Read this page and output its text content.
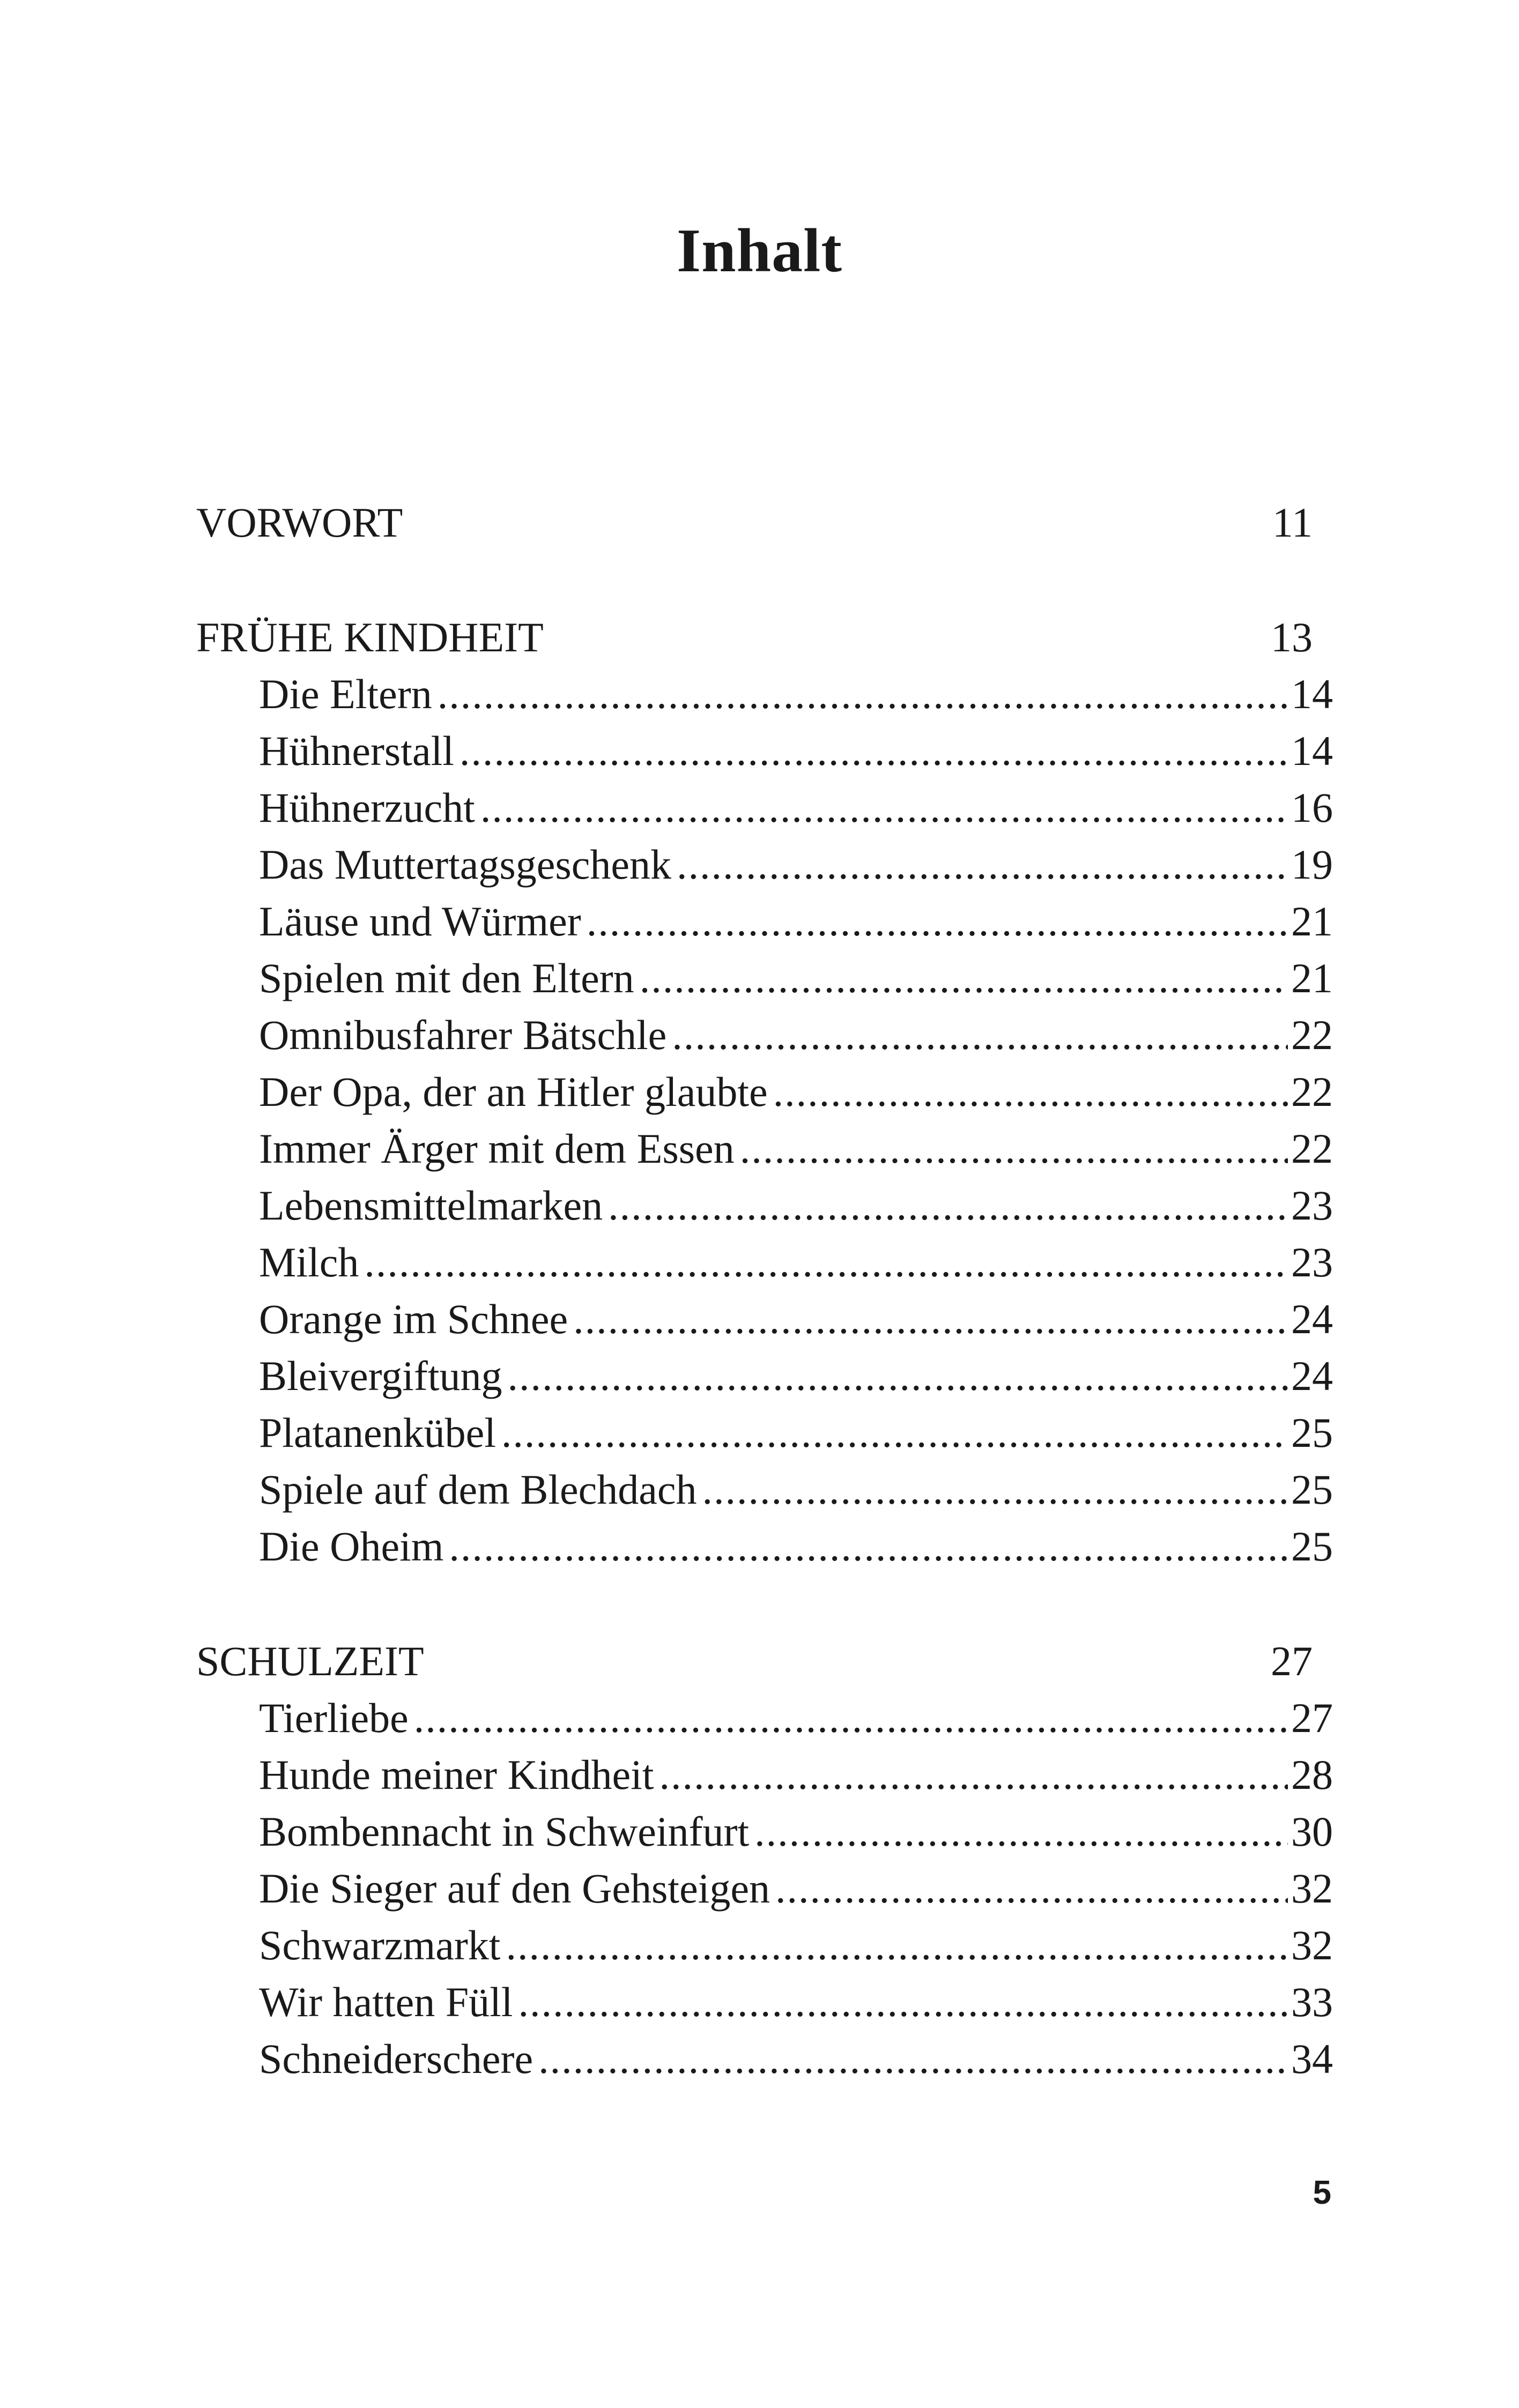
Inhalt
VORWORT	11
FRÜHE KINDHEIT	13
Die Eltern .....	14
Hühnerstall .....	14
Hühnerzucht .....	16
Das Muttertagsgeschenk .....	19
Läuse und Würmer .....	21
Spielen mit den Eltern .....	21
Omnibusfahrer Bätschle .....	22
Der Opa, der an Hitler glaubte .....	22
Immer Ärger mit dem Essen .....	22
Lebensmittelmarken .....	23
Milch .....	23
Orange im Schnee .....	24
Bleivergiftung .....	24
Platanenkübel .....	25
Spiele auf dem Blechdach .....	25
Die Oheim .....	25
SCHULZEIT	27
Tierliebe .....	27
Hunde meiner Kindheit .....	28
Bombennacht in Schweinfurt .....	30
Die Sieger auf den Gehsteigen .....	32
Schwarzmarkt .....	32
Wir hatten Füll .....	33
Schneiderschere .....	34
5
